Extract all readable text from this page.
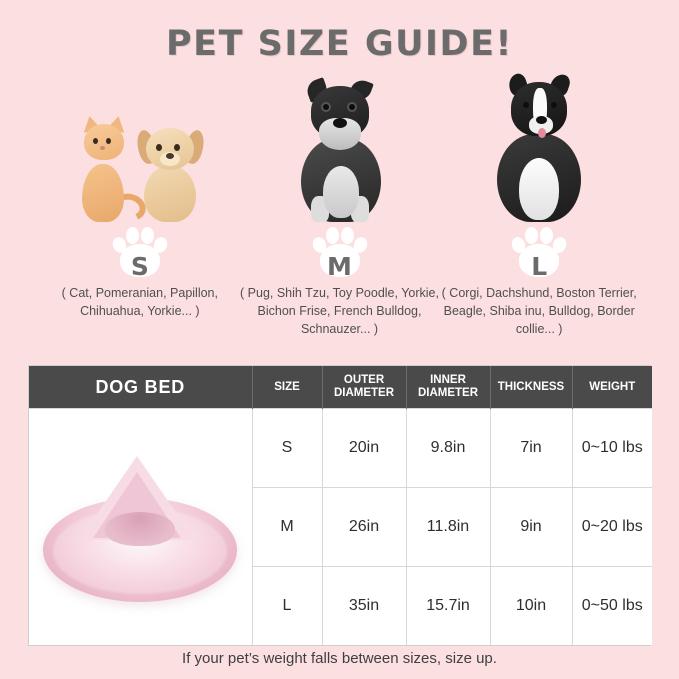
PET SIZE GUIDE!
S
( Cat, Pomeranian, Papillon, Chihuahua, Yorkie... )
M
( Pug, Shih Tzu, Toy Poodle, Yorkie, Bichon Frise, French Bulldog, Schnauzer... )
L
( Corgi, Dachshund, Boston Terrier, Beagle, Shiba inu, Bulldog, Border collie... )
DOG BED	SIZE	OUTER DIAMETER	INNER DIAMETER	THICKNESS	WEIGHT

	S	20in	9.8in	7in	0~10 lbs
	M	26in	11.8in	9in	0~20 lbs
	L	35in	15.7in	10in	0~50 lbs
If your pet’s weight falls between sizes, size up.
